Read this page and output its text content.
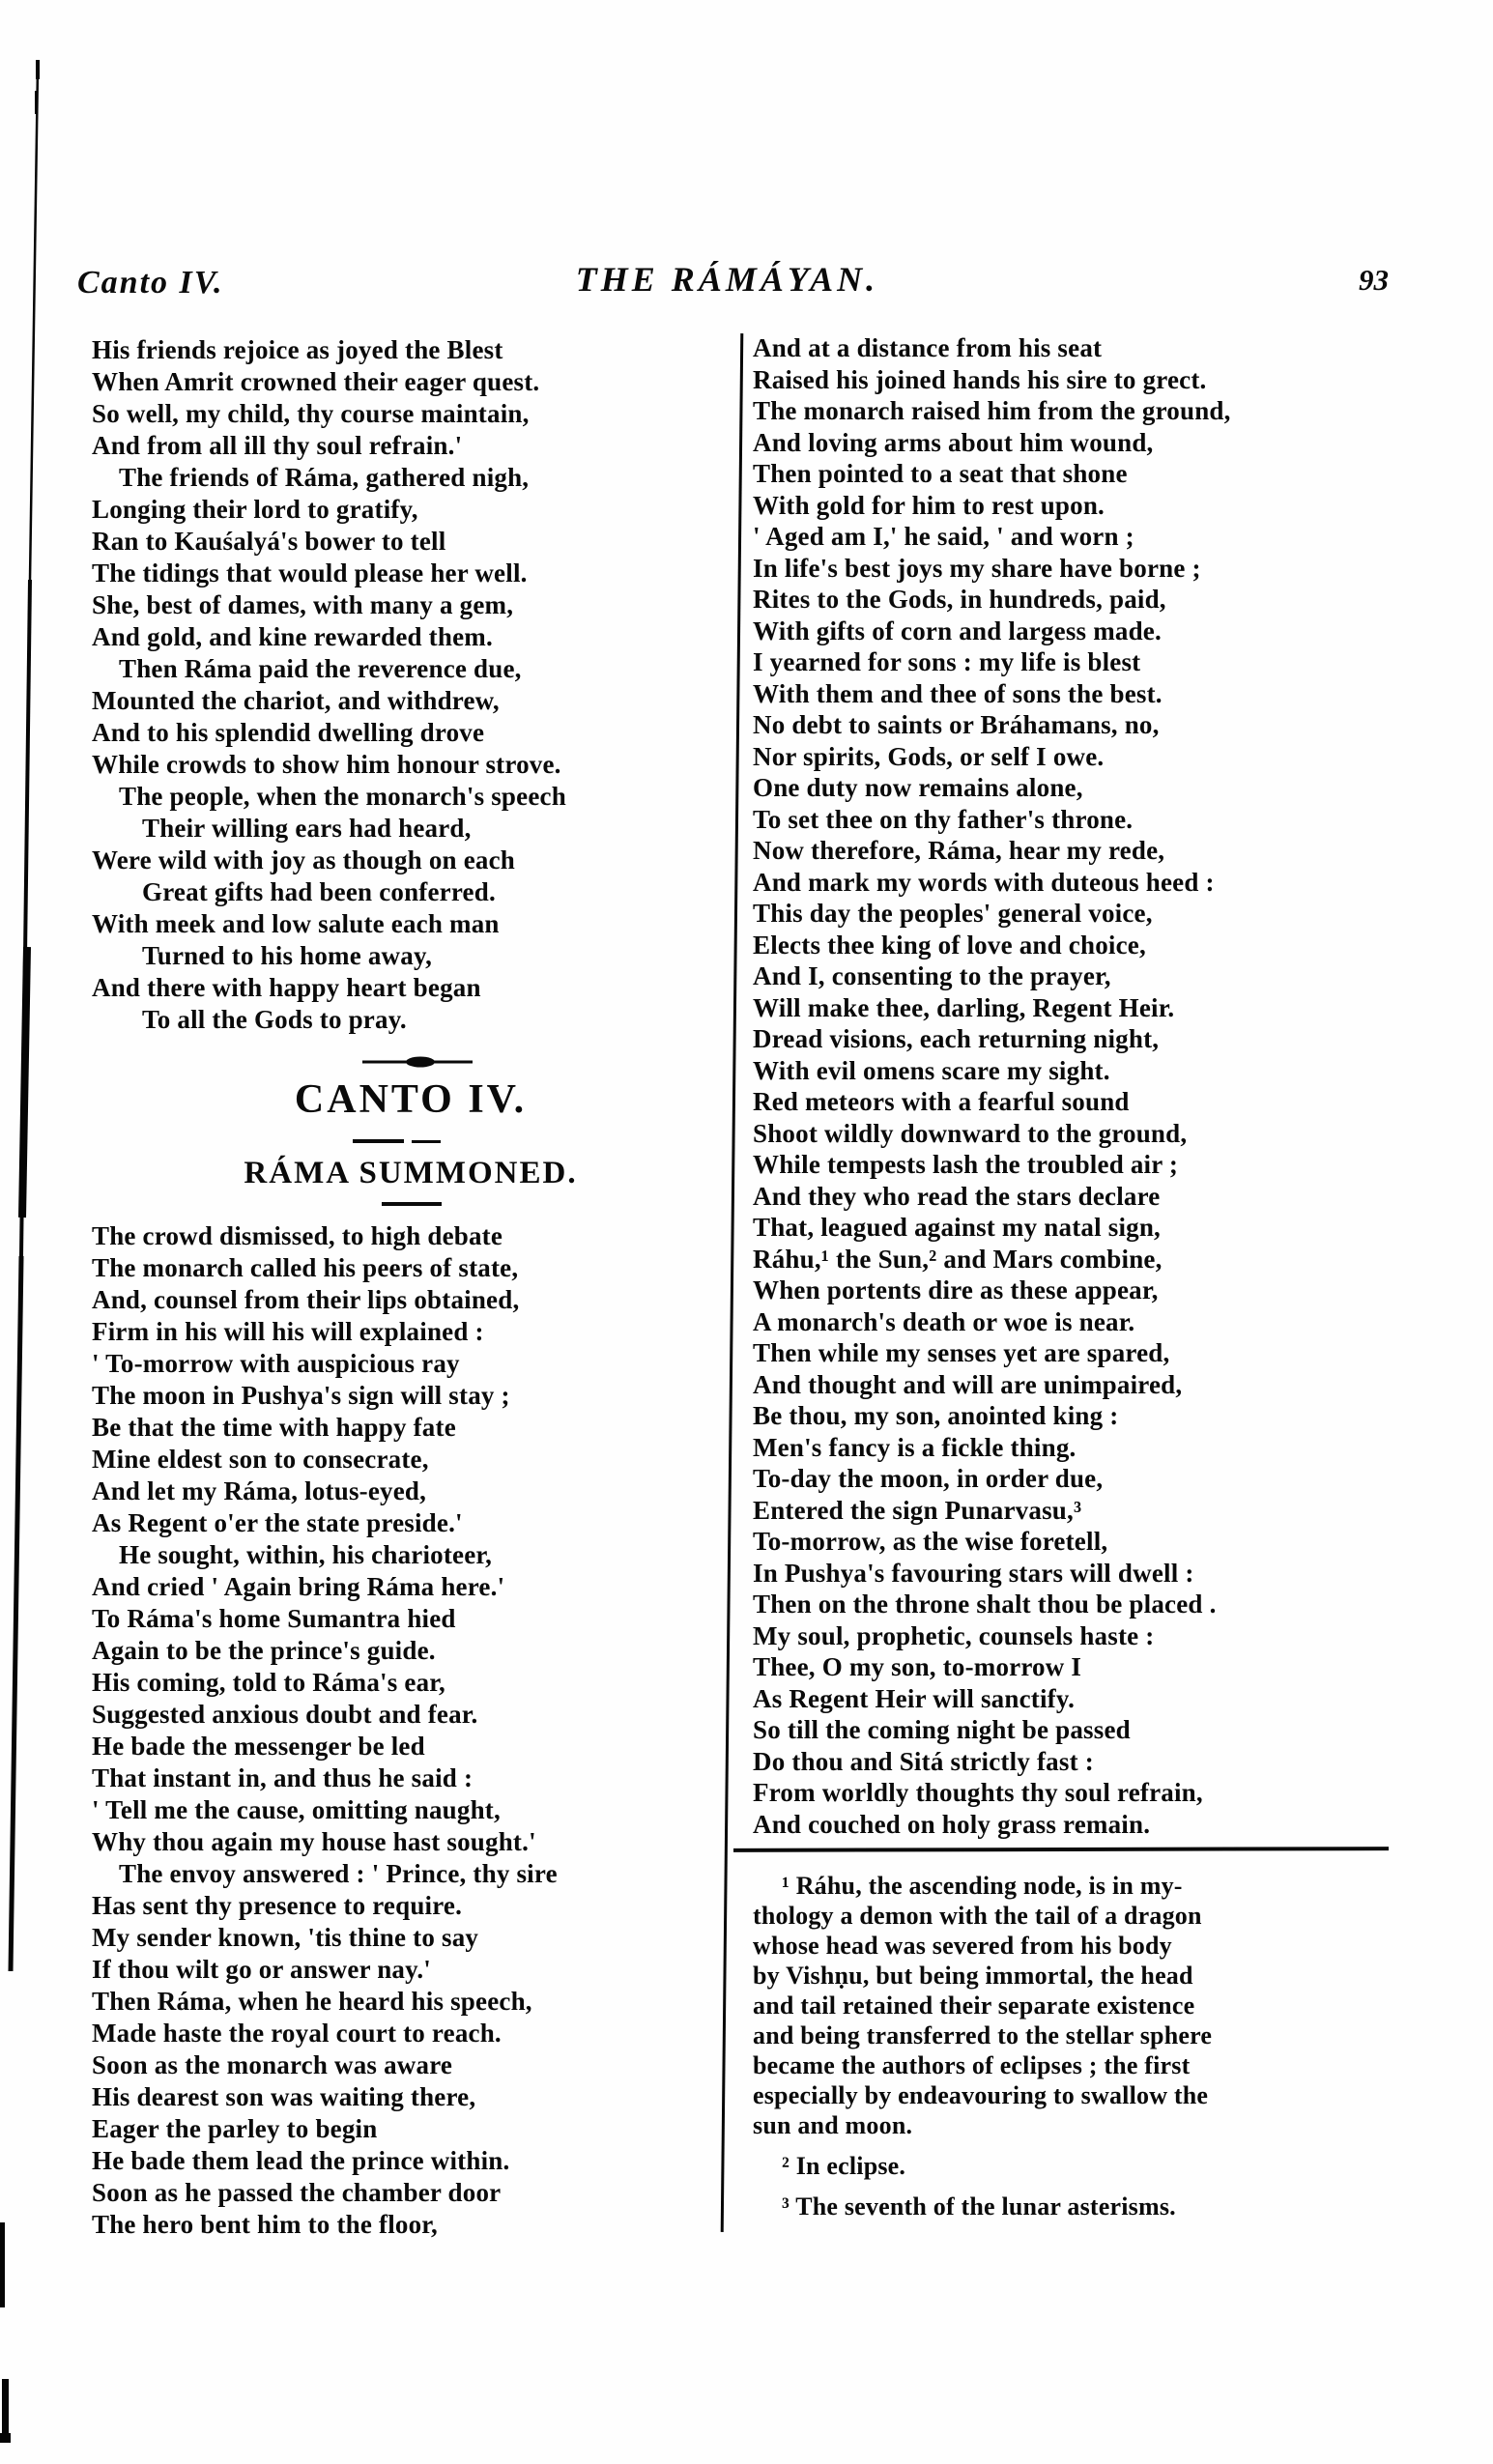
Canto IV.	THE RÁMÁYAN.	93
His friends rejoice as joyed the Blest
When Amrit crowned their eager quest.
So well, my child, thy course maintain,
And from all ill thy soul refrain.'
The friends of Ráma, gathered nigh,
Longing their lord to gratify,
Ran to Kauśalyá's bower to tell
The tidings that would please her well.
She, best of dames, with many a gem,
And gold, and kine rewarded them.
Then Ráma paid the reverence due,
Mounted the chariot, and withdrew,
And to his splendid dwelling drove
While crowds to show him honour strove.
The people, when the monarch's speech
Their willing ears had heard,
Were wild with joy as though on each
Great gifts had been conferred.
With meek and low salute each man
Turned to his home away,
And there with happy heart began
To all the Gods to pray.
CANTO IV.
RÁMA SUMMONED.
The crowd dismissed, to high debate
The monarch called his peers of state,
And, counsel from their lips obtained,
Firm in his will his will explained :
' To-morrow with auspicious ray
The moon in Pushya's sign will stay ;
Be that the time with happy fate
Mine eldest son to consecrate,
And let my Ráma, lotus-eyed,
As Regent o'er the state preside.'
He sought, within, his charioteer,
And cried ' Again bring Ráma here.'
To Ráma's home Sumantra hied
Again to be the prince's guide.
His coming, told to Ráma's ear,
Suggested anxious doubt and fear.
He bade the messenger be led
That instant in, and thus he said :
' Tell me the cause, omitting naught,
Why thou again my house hast sought.'
The envoy answered : ' Prince, thy sire
Has sent thy presence to require.
My sender known, 'tis thine to say
If thou wilt go or answer nay.'
Then Ráma, when he heard his speech,
Made haste the royal court to reach.
Soon as the monarch was aware
His dearest son was waiting there,
Eager the parley to begin
He bade them lead the prince within.
Soon as he passed the chamber door
The hero bent him to the floor,
And at a distance from his seat
Raised his joined hands his sire to grect.
The monarch raised him from the ground,
And loving arms about him wound,
Then pointed to a seat that shone
With gold for him to rest upon.
' Aged am I,' he said, ' and worn ;
In life's best joys my share have borne ;
Rites to the Gods, in hundreds, paid,
With gifts of corn and largess made.
I yearned for sons : my life is blest
With them and thee of sons the best.
No debt to saints or Bráhamans, no,
Nor spirits, Gods, or self I owe.
One duty now remains alone,
To set thee on thy father's throne.
Now therefore, Ráma, hear my rede,
And mark my words with duteous heed :
This day the peoples' general voice,
Elects thee king of love and choice,
And I, consenting to the prayer,
Will make thee, darling, Regent Heir.
Dread visions, each returning night,
With evil omens scare my sight.
Red meteors with a fearful sound
Shoot wildly downward to the ground,
While tempests lash the troubled air ;
And they who read the stars declare
That, leagued against my natal sign,
Ráhu,¹ the Sun,² and Mars combine,
When portents dire as these appear,
A monarch's death or woe is near.
Then while my senses yet are spared,
And thought and will are unimpaired,
Be thou, my son, anointed king :
Men's fancy is a fickle thing.
To-day the moon, in order due,
Entered the sign Punarvasu,³
To-morrow, as the wise foretell,
In Pushya's favouring stars will dwell :
Then on the throne shalt thou be placed .
My soul, prophetic, counsels haste :
Thee, O my son, to-morrow I
As Regent Heir will sanctify.
So till the coming night be passed
Do thou and Sitá strictly fast :
From worldly thoughts thy soul refrain,
And couched on holy grass remain.
¹ Ráhu, the ascending node, is in my-
thology a demon with the tail of a dragon
whose head was severed from his body
by Vishṇu, but being immortal, the head
and tail retained their separate existence
and being transferred to the stellar sphere
became the authors of eclipses ; the first
especially by endeavouring to swallow the
sun and moon.
² In eclipse.
³ The seventh of the lunar asterisms.
